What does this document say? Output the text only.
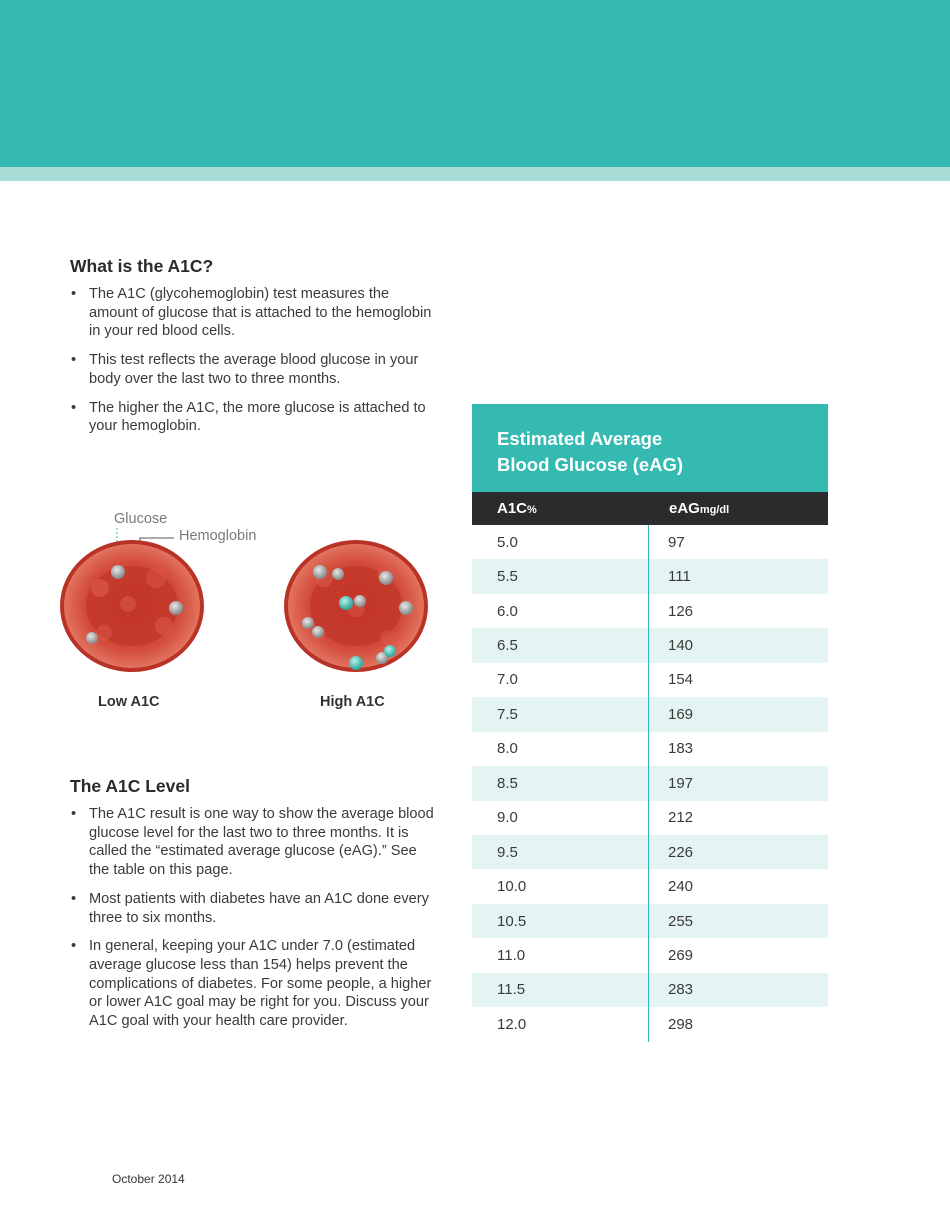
What is the A1C?
• The A1C (glycohemoglobin) test measures the amount of glucose that is attached to the hemoglobin in your red blood cells.
• This test reflects the average blood glucose in your body over the last two to three months.
• The higher the A1C, the more glucose is attached to your hemoglobin.
Glucose
Hemoglobin
Low A1C	High A1C
The A1C Level
• The A1C result is one way to show the average blood glucose level for the last two to three months. It is called the “estimated average glucose (eAG).” See the table on this page.
• Most patients with diabetes have an A1C done every three to six months.
• In general, keeping your A1C under 7.0 (estimated average glucose less than 154) helps prevent the complications of diabetes. For some people, a higher or lower A1C goal may be right for you. Discuss your A1C goal with your health care provider.
Estimated Average
Blood Glucose (eAG)
A1C%	eAGmg/dl
5.0	97
5.5	111
6.0	126
6.5	140
7.0	154
7.5	169
8.0	183
8.5	197
9.0	212
9.5	226
10.0	240
10.5	255
11.0	269
11.5	283
12.0	298
October 2014
